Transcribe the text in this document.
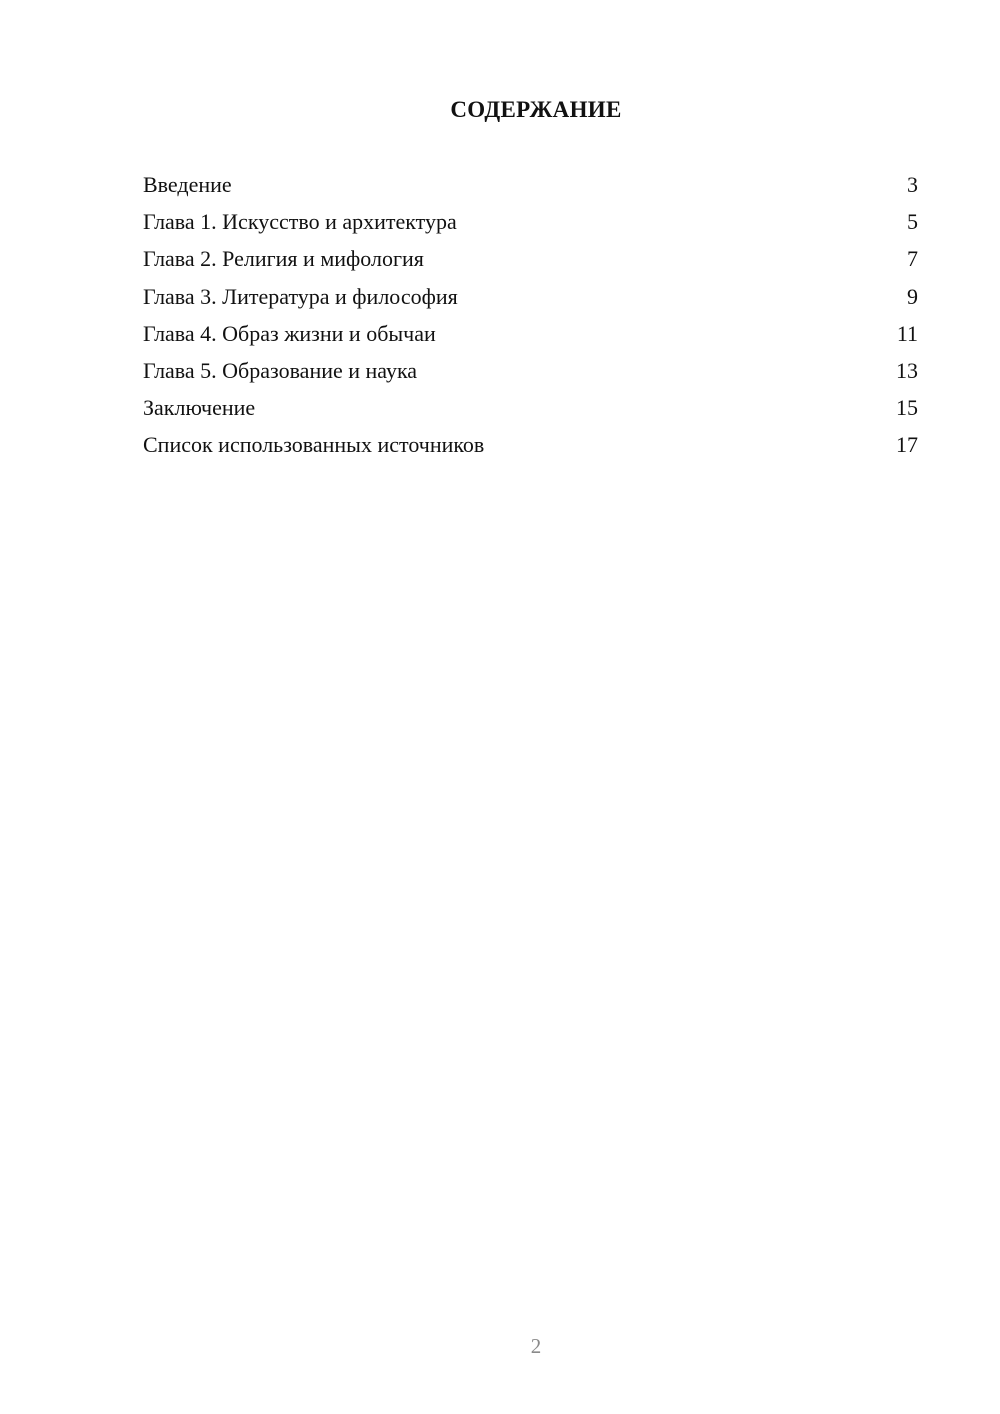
СОДЕРЖАНИЕ
Введение	3
Глава 1. Искусство и архитектура	5
Глава 2. Религия и мифология	7
Глава 3. Литература и философия	9
Глава 4. Образ жизни и обычаи	11
Глава 5. Образование и наука	13
Заключение	15
Список использованных источников	17
2
